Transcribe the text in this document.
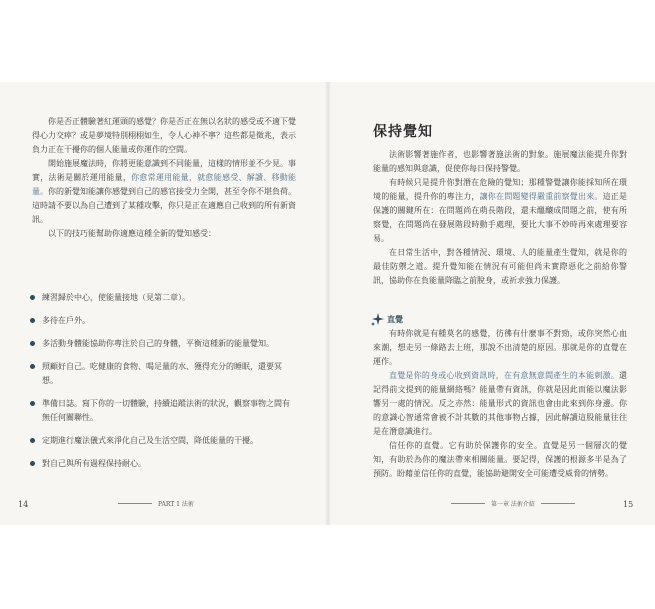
你是否正體驗著紅運頭的感覺？你是否正在無以名狀的感受或不適下覺得心力交瘁？或是夢境特別栩栩如生，令人心神不寧？這些都是徵兆，表示負力正在干擾你的個人能量或你運作的空間。

開始施展魔法時，你將更能意識到不同能量，這樣的情形並不少見。事實，法術是關於運用能量，你愈常運用能量，就愈能感受、解讀、移動能量。你的新覺知能讓你感覺到自己的感官接受力全開，甚至令你不堪負荷。這時請不要以為自己遭到了某種攻擊，你只是正在適應自己收到的所有新資訊。

以下的技巧能幫助你適應這種全新的覺知感受：

練習歸於中心，使能量接地（見第二章）。
多待在戶外。
多活動身體能協助你專注於自己的身體，平衡這種新的能量覺知。
照顧好自己。吃健康的食物、喝足量的水、獲得充分的睡眠，還要冥想。
準備日誌。寫下你的一切體驗，持續追蹤法術的狀況，觀察事物之間有無任何關聯性。
定期進行魔法儀式來淨化自己及生活空間，降低能量的干擾。
對自己與所有過程保持耐心。
14	PART 1 法術
保持覺知

法術影響著施作者，也影響著施法術的對象。施展魔法能提升你對能量的感知與意識，促使你每日保持警覺。

有時候只是提升你對潛在危險的覺知；那種警覺讓你能採知所在環境的能量，提升你的專注力，讓你在問題變得嚴重前察覺出來。這正是保護的關鍵所在：在問題尚在萌長階段，還未醞釀成問題之前，使有所察覺，在問題尚在發展階段時動手處理，要比大事不妙時再來處理要容易。

在日常生活中，對各種情況、環境、人的能量產生覺知，就是你的最佳防禦之道。提升覺知能在情況有可能但尚未實際惡化之前給你警訊，協助你在負能量降臨之前脫身，或祈求強力保護。

直覺

有時你就是有種莫名的感覺，彷彿有什麼事不對勁，或你突然心血來潮，想走另一條路去上班，那說不出清楚的原因。那就是你的直覺在運作。

直覺是你的身或心收到資訊時，在有意無意間產生的本能刺激。還記得前文提到的能量網絡嗎？能量帶有資訊，你就是因此而能以魔法影響另一處的情況。反之亦然：能量形式的資訊也會由此來到你身邊。你的意識心智通常會被不計其數的其他事物占據，因此解讀這股能量往往是在潛意識進行。

信任你的直覺。它有助於保護你的安全。直覺是另一個層次的覺知，有助於為你的魔法帶來相關能量。要記得，保護的根源多半是為了預防。盼藉並信任你的直覺，能協助避開安全可能遭受威脅的情勢。

第一章 法術介紹	15
